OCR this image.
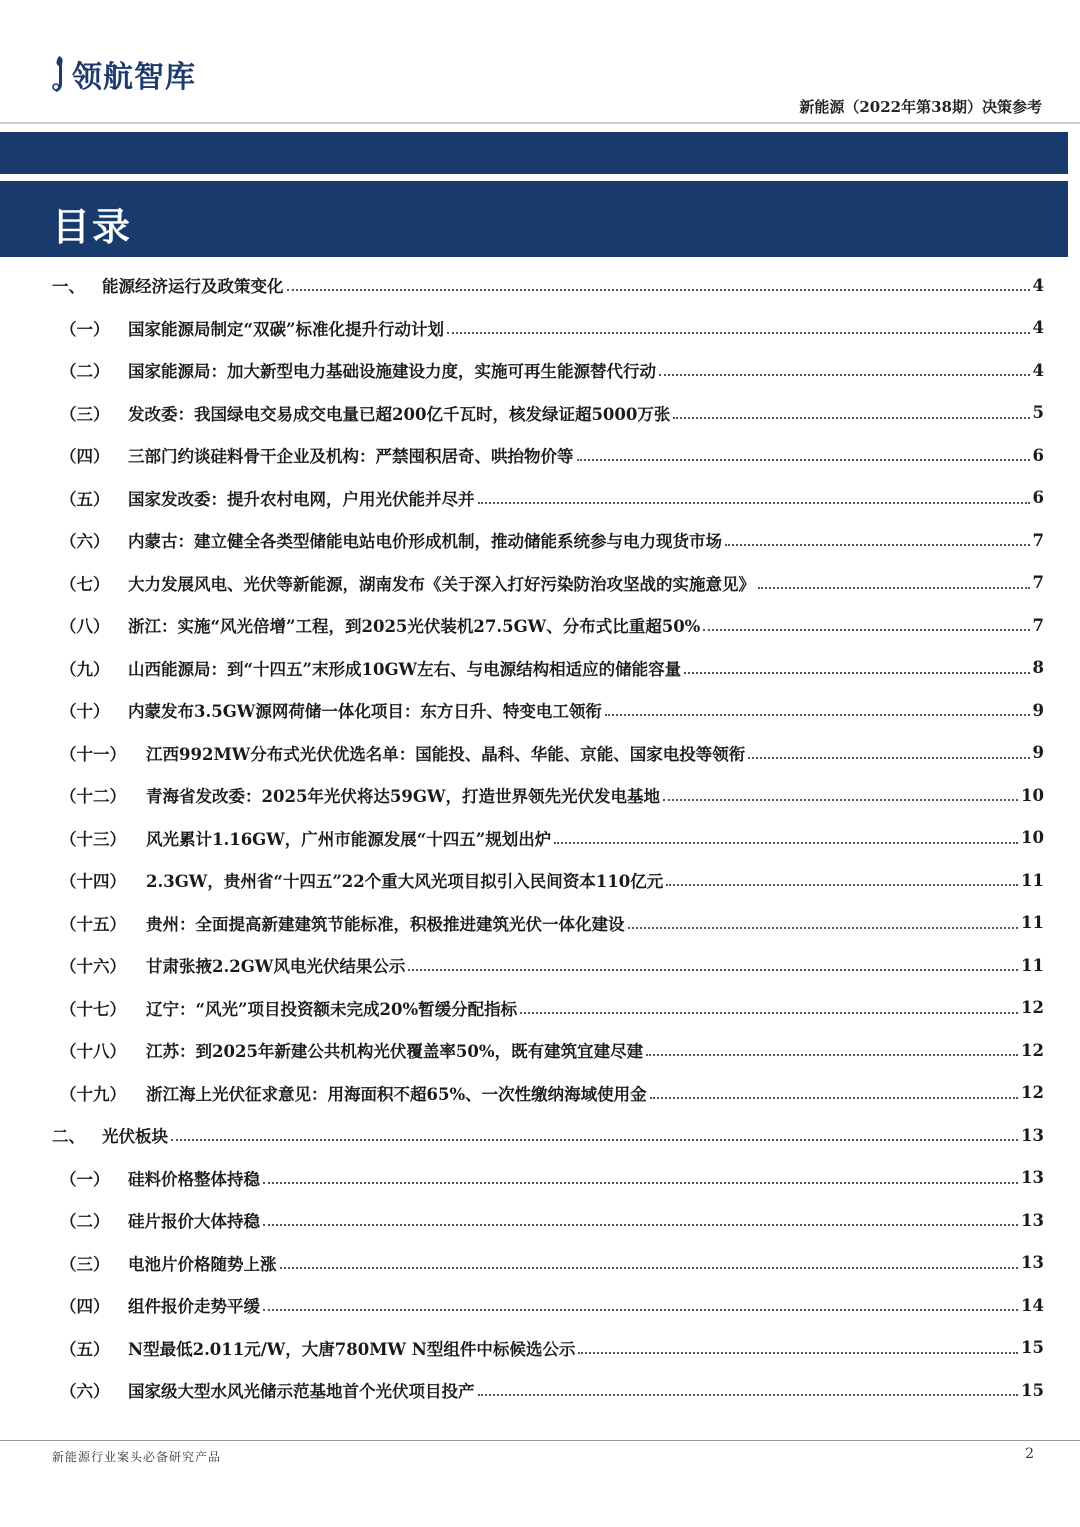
领航智库
新能源（2022年第38期）决策参考
目录
一、	能源经济运行及政策变化	4
（一）	国家能源局制定“双碳”标准化提升行动计划	4
（二）	国家能源局：加大新型电力基础设施建设力度，实施可再生能源替代行动	4
（三）	发改委：我国绿电交易成交电量已超200亿千瓦时，核发绿证超5000万张	5
（四）	三部门约谈硅料骨干企业及机构：严禁囤积居奇、哄抬物价等	6
（五）	国家发改委：提升农村电网，户用光伏能并尽并	6
（六）	内蒙古：建立健全各类型储能电站电价形成机制，推动储能系统参与电力现货市场	7
（七）	大力发展风电、光伏等新能源，湖南发布《关于深入打好污染防治攻坚战的实施意见》	7
（八）	浙江：实施“风光倍增”工程，到2025光伏装机27.5GW、分布式比重超50%	7
（九）	山西能源局：到“十四五”末形成10GW左右、与电源结构相适应的储能容量	8
（十）	内蒙发布3.5GW源网荷储一体化项目：东方日升、特变电工领衔	9
（十一）	江西992MW分布式光伏优选名单：国能投、晶科、华能、京能、国家电投等领衔	9
（十二）	青海省发改委：2025年光伏将达59GW，打造世界领先光伏发电基地	10
（十三）	风光累计1.16GW，广州市能源发展“十四五”规划出炉	10
（十四）	2.3GW，贵州省“十四五”22个重大风光项目拟引入民间资本110亿元	11
（十五）	贵州：全面提高新建建筑节能标准，积极推进建筑光伏一体化建设	11
（十六）	甘肃张掖2.2GW风电光伏结果公示	11
（十七）	辽宁：“风光”项目投资额未完成20%暂缓分配指标	12
（十八）	江苏：到2025年新建公共机构光伏覆盖率50%，既有建筑宜建尽建	12
（十九）	浙江海上光伏征求意见：用海面积不超65%、一次性缴纳海域使用金	12
二、	光伏板块	13
（一）	硅料价格整体持稳	13
（二）	硅片报价大体持稳	13
（三）	电池片价格随势上涨	13
（四）	组件报价走势平缓	14
（五）	N型最低2.011元/W，大唐780MW N型组件中标候选公示	15
（六）	国家级大型水风光储示范基地首个光伏项目投产	15
新能源行业案头必备研究产品	2
